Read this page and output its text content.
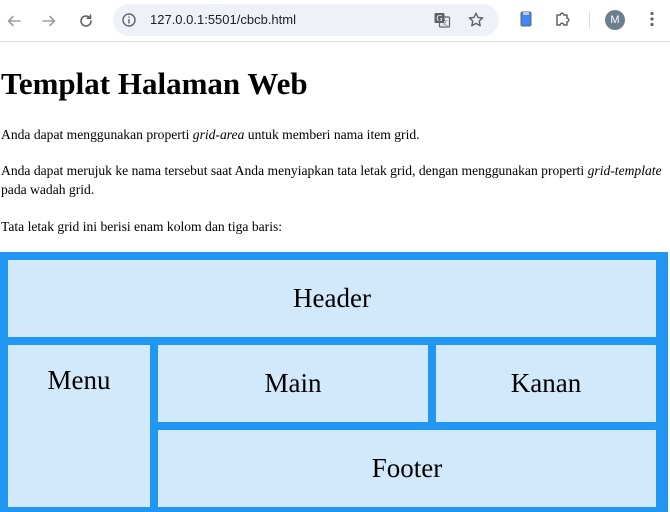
127.0.0.1:5501/cbcb.html	G
文	M
Templat Halaman Web

Anda dapat menggunakan properti grid-area untuk memberi nama item grid.

Anda dapat merujuk ke nama tersebut saat Anda menyiapkan tata letak grid, dengan menggunakan properti grid-template pada wadah grid.

Tata letak grid ini berisi enam kolom dan tiga baris:

Header
Menu	Main	Kanan
Footer
